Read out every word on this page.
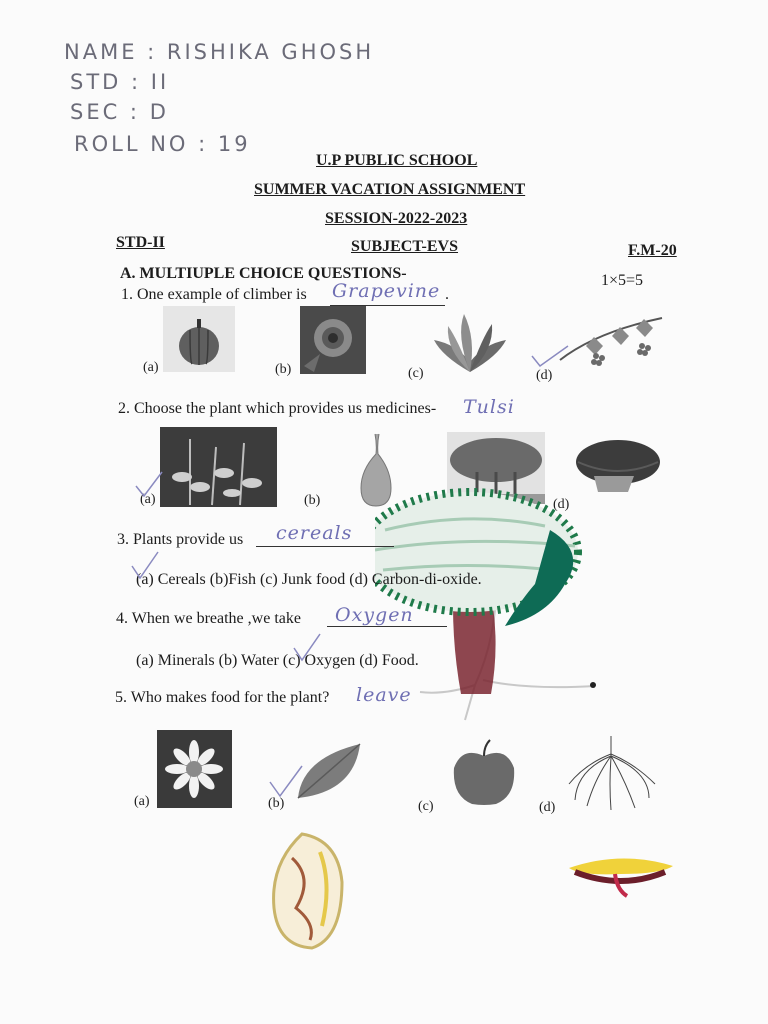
NAME : RISHIKA GHOSH
STD : II
SEC : D
ROLL NO : 19
U.P PUBLIC SCHOOL
SUMMER VACATION ASSIGNMENT
SESSION-2022-2023
STD-II	SUBJECT-EVS	F.M-20
A. MULTIUPLE CHOICE QUESTIONS-	1×5=5
1. One example of climber is Grapevine .
(a)	(b)	(c)	(d)
2. Choose the plant which provides us medicines- Tulsi
(a)	(b)	(d)
3. Plants provide us cereals
(a) Cereals (b)Fish (c) Junk food (d) Carbon-di-oxide.
4. When we breathe ,we take Oxygen
(a) Minerals (b) Water (c) Oxygen (d) Food.
5. Who makes food for the plant? leave
(a)	(b)	(c)	(d)
